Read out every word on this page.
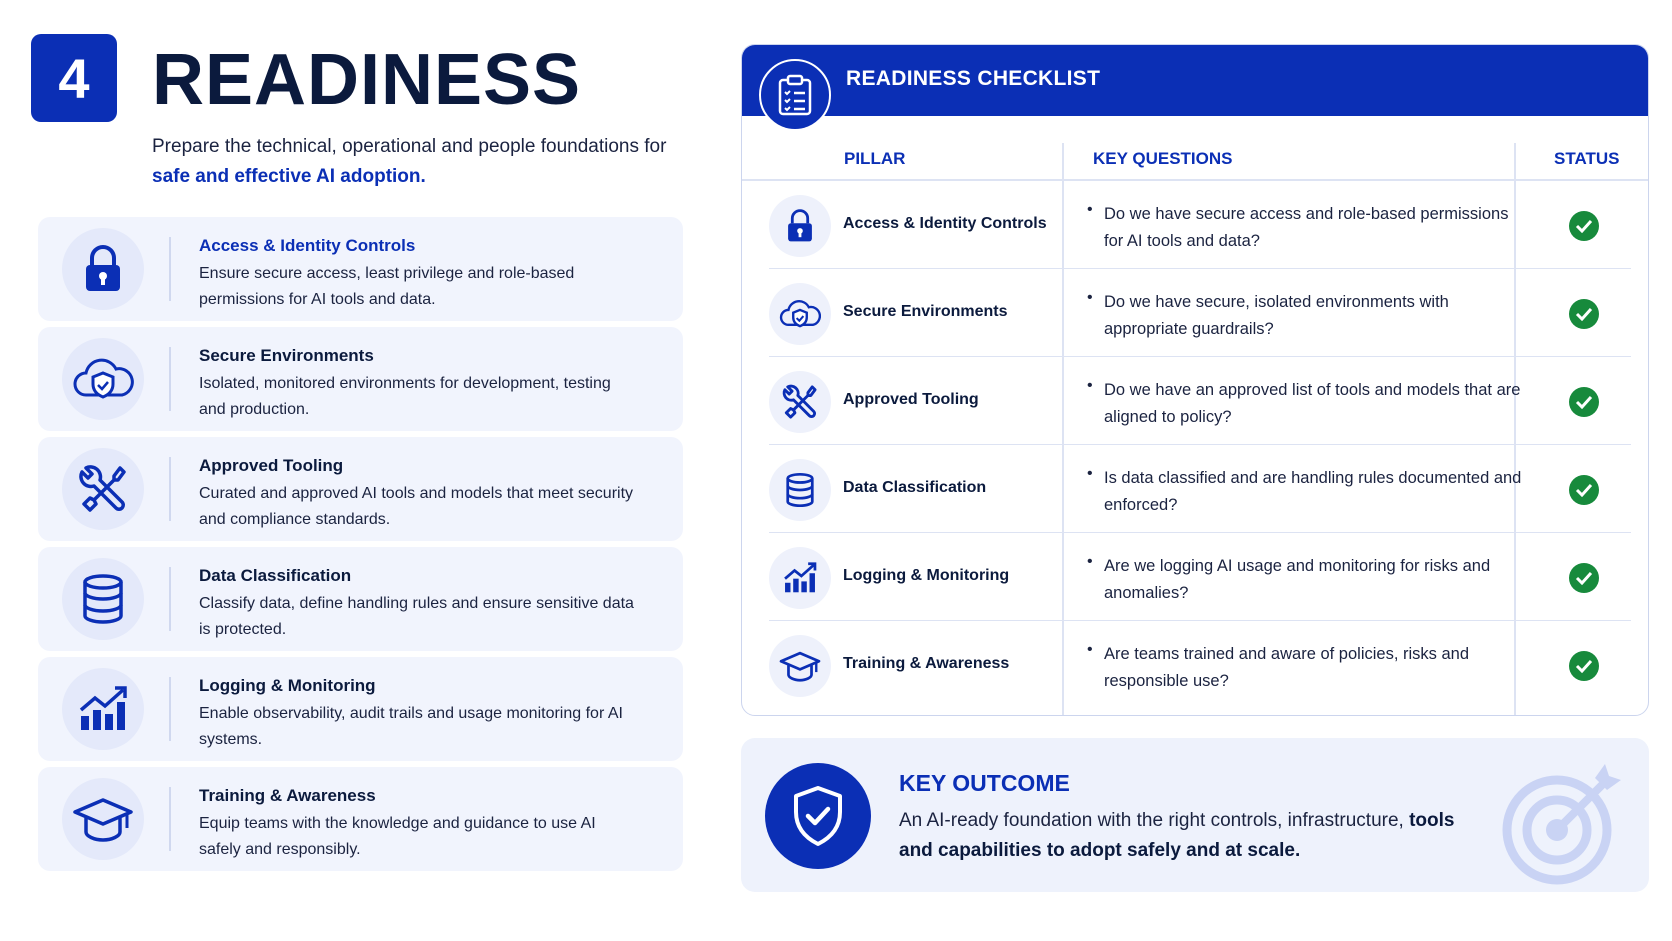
4 READINESS
Prepare the technical, operational and people foundations for safe and effective AI adoption.
Access & Identity Controls
Ensure secure access, least privilege and role-based permissions for AI tools and data.
Secure Environments
Isolated, monitored environments for development, testing and production.
Approved Tooling
Curated and approved AI tools and models that meet security and compliance standards.
Data Classification
Classify data, define handling rules and ensure sensitive data is protected.
Logging & Monitoring
Enable observability, audit trails and usage monitoring for AI systems.
Training & Awareness
Equip teams with the knowledge and guidance to use AI safely and responsibly.
READINESS CHECKLIST
PILLAR	KEY QUESTIONS	STATUS
Access & Identity Controls
• Do we have secure access and role-based permissions for AI tools and data?
Secure Environments
• Do we have secure, isolated environments with appropriate guardrails?
Approved Tooling
• Do we have an approved list of tools and models that are aligned to policy?
Data Classification
• Is data classified and are handling rules documented and enforced?
Logging & Monitoring
• Are we logging AI usage and monitoring for risks and anomalies?
Training & Awareness
• Are teams trained and aware of policies, risks and responsible use?
KEY OUTCOME
An AI-ready foundation with the right controls, infrastructure, tools and capabilities to adopt safely and at scale.
